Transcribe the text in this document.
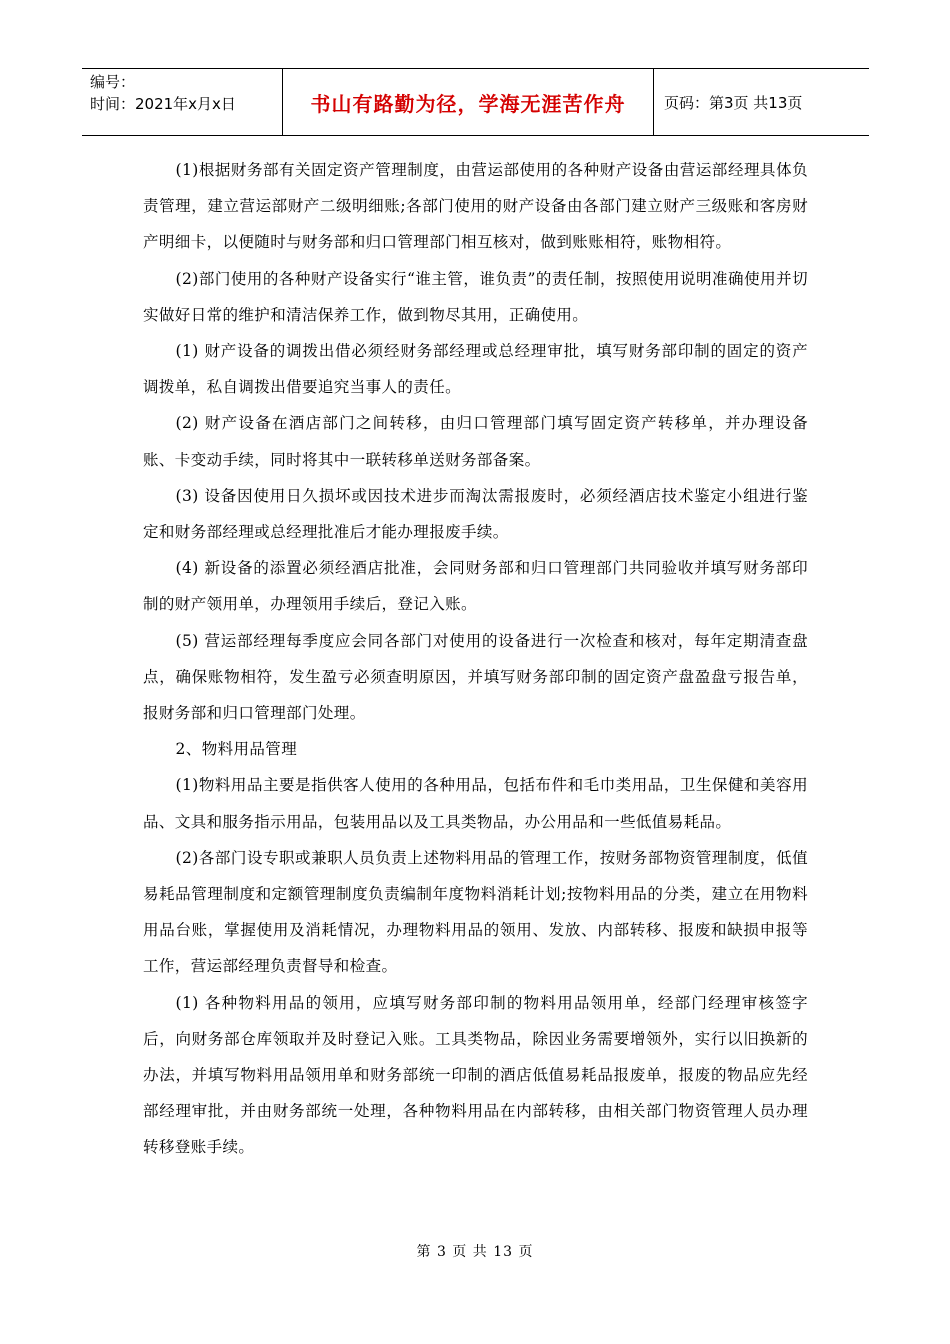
编号：
时间：2021年x月x日	书山有路勤为径，学海无涯苦作舟	页码：第3页 共13页

(1)根据财务部有关固定资产管理制度，由营运部使用的各种财产设备由营运部经理具体负责管理，建立营运部财产二级明细账;各部门使用的财产设备由各部门建立财产三级账和客房财产明细卡，以便随时与财务部和归口管理部门相互核对，做到账账相符，账物相符。

(2)部门使用的各种财产设备实行“谁主管，谁负责”的责任制，按照使用说明准确使用并切实做好日常的维护和清洁保养工作，做到物尽其用，正确使用。

(1) 财产设备的调拨出借必须经财务部经理或总经理审批，填写财务部印制的固定的资产调拨单，私自调拨出借要追究当事人的责任。

(2) 财产设备在酒店部门之间转移，由归口管理部门填写固定资产转移单，并办理设备账、卡变动手续，同时将其中一联转移单送财务部备案。

(3) 设备因使用日久损坏或因技术进步而淘汰需报废时，必须经酒店技术鉴定小组进行鉴定和财务部经理或总经理批准后才能办理报废手续。

(4) 新设备的添置必须经酒店批准，会同财务部和归口管理部门共同验收并填写财务部印制的财产领用单，办理领用手续后，登记入账。

(5) 营运部经理每季度应会同各部门对使用的设备进行一次检查和核对，每年定期清查盘点，确保账物相符，发生盈亏必须查明原因，并填写财务部印制的固定资产盘盈盘亏报告单，报财务部和归口管理部门处理。

2、物料用品管理

(1)物料用品主要是指供客人使用的各种用品，包括布件和毛巾类用品，卫生保健和美容用品、文具和服务指示用品，包装用品以及工具类物品，办公用品和一些低值易耗品。

(2)各部门设专职或兼职人员负责上述物料用品的管理工作，按财务部物资管理制度，低值易耗品管理制度和定额管理制度负责编制年度物料消耗计划;按物料用品的分类，建立在用物料用品台账，掌握使用及消耗情况，办理物料用品的领用、发放、内部转移、报废和缺损申报等工作，营运部经理负责督导和检查。

(1) 各种物料用品的领用，应填写财务部印制的物料用品领用单，经部门经理审核签字后，向财务部仓库领取并及时登记入账。工具类物品，除因业务需要增领外，实行以旧换新的办法，并填写物料用品领用单和财务部统一印制的酒店低值易耗品报废单，报废的物品应先经部经理审批，并由财务部统一处理，各种物料用品在内部转移，由相关部门物资管理人员办理转移登账手续。

第 3 页 共 13 页
